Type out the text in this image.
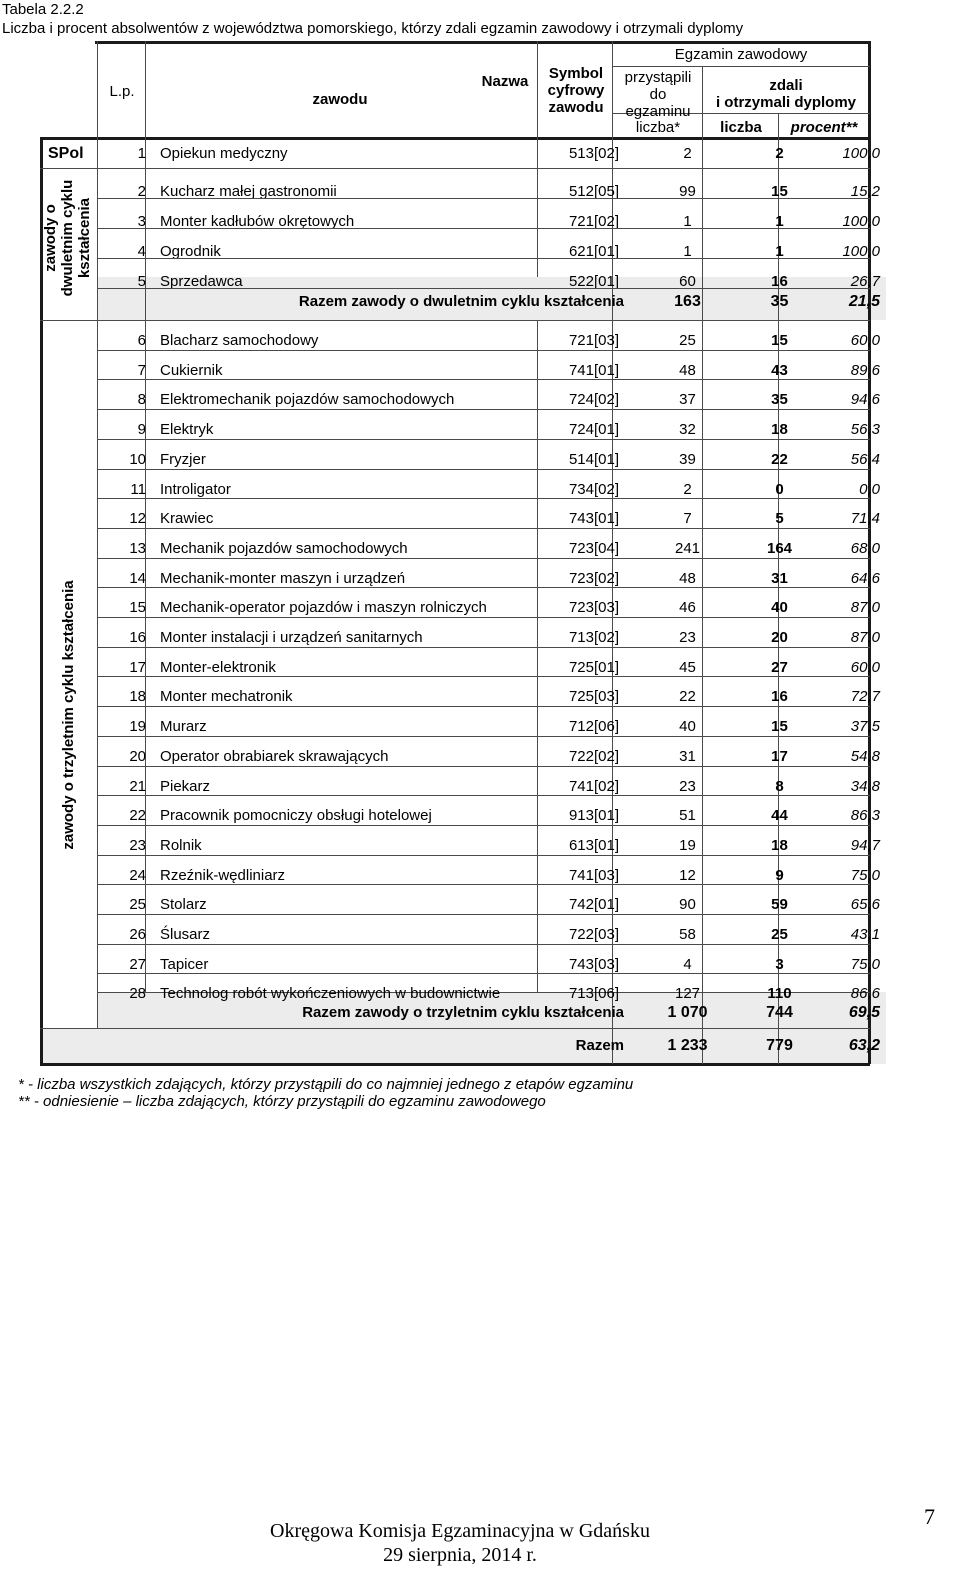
Tabela 2.2.2
Liczba i procent absolwentów z województwa pomorskiego, którzy zdali egzamin zawodowy i otrzymali dyplomy
L.p.
Nazwa
zawodu
Symbol
cyfrowy
zawodu
Egzamin zawodowy
przystąpili
do
egzaminu
zdali
i otrzymali dyplomy
liczba*	liczba	procent**
SPol
zawody o dwuletnim cyklu kształcenia
zawody o trzyletnim cyklu kształcenia
1 Opiekun medyczny	513[02]	2	2	100,0
2 Kucharz małej gastronomii	512[05]	99	15	15,2
3 Monter kadłubów okrętowych	721[02]	1	1	100,0
4 Ogrodnik	621[01]	1	1	100,0
5 Sprzedawca	522[01]	60	16	26,7
6 Blacharz samochodowy	721[03]	25	15	60,0
7 Cukiernik	741[01]	48	43	89,6
8 Elektromechanik pojazdów samochodowych	724[02]	37	35	94,6
9 Elektryk	724[01]	32	18	56,3
10 Fryzjer	514[01]	39	22	56,4
11 Introligator	734[02]	2	0	0,0
12 Krawiec	743[01]	7	5	71,4
13 Mechanik pojazdów samochodowych	723[04]	241	164	68,0
14 Mechanik-monter maszyn i urządzeń	723[02]	48	31	64,6
15 Mechanik-operator pojazdów i maszyn rolniczych	723[03]	46	40	87,0
16 Monter instalacji i urządzeń sanitarnych	713[02]	23	20	87,0
17 Monter-elektronik	725[01]	45	27	60,0
18 Monter mechatronik	725[03]	22	16	72,7
19 Murarz	712[06]	40	15	37,5
20 Operator obrabiarek skrawających	722[02]	31	17	54,8
21 Piekarz	741[02]	23	8	34,8
22 Pracownik pomocniczy obsługi hotelowej	913[01]	51	44	86,3
23 Rolnik	613[01]	19	18	94,7
24 Rzeźnik-wędliniarz	741[03]	12	9	75,0
25 Stolarz	742[01]	90	59	65,6
26 Ślusarz	722[03]	58	25	43,1
27 Tapicer	743[03]	4	3	75,0
28 Technolog robót wykończeniowych w budownictwie	713[06]	127	110	86,6
Razem zawody o dwuletnim cyklu kształcenia	163	35	21,5
Razem zawody o trzyletnim cyklu kształcenia	1 070	744	69,5
Razem	1 233	779	63,2
* - liczba wszystkich zdających, którzy przystąpili do co najmniej jednego z etapów egzaminu
** - odniesienie – liczba zdających, którzy przystąpili do egzaminu zawodowego
Okręgowa Komisja Egzaminacyjna w Gdańsku
29 sierpnia, 2014 r.
7
